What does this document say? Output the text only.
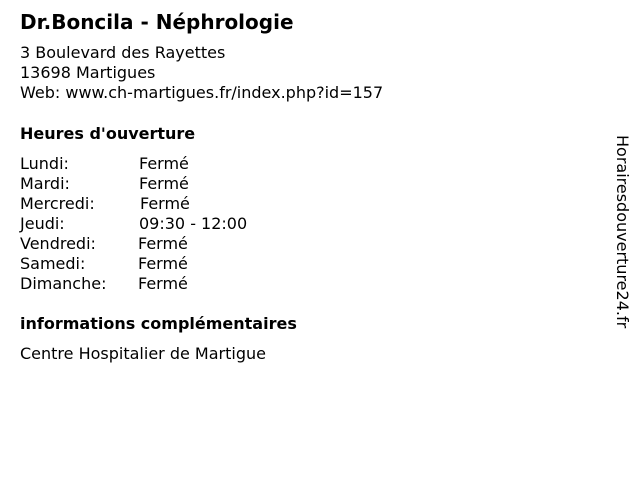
Dr.Boncila - Néphrologie
3 Boulevard des Rayettes
13698 Martigues
Web: www.ch-martigues.fr/index.php?id=157
Heures d'ouverture
Lundi:	Fermé
Mardi:	Fermé
Mercredi:	Fermé
Jeudi:	09:30 - 12:00
Vendredi:	Fermé
Samedi:	Fermé
Dimanche: Fermé
informations complémentaires
Centre Hospitalier de Martigue
Horairesdouverture24.fr
